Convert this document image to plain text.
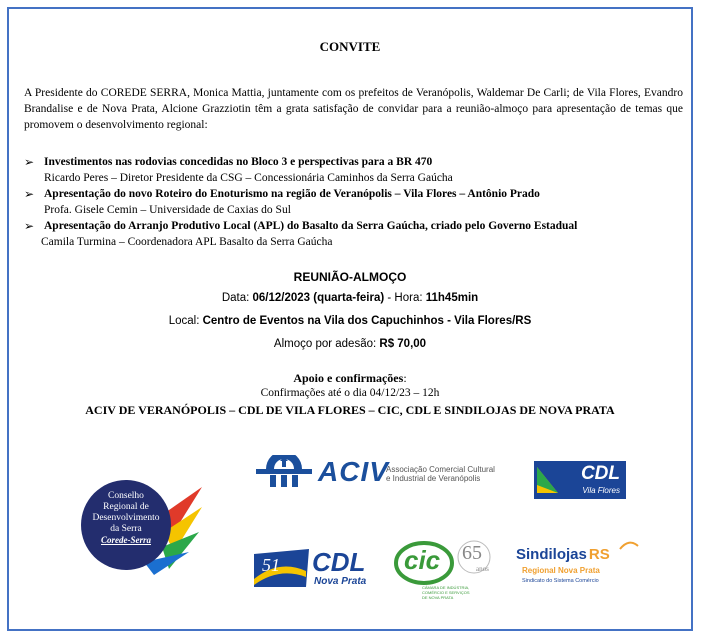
CONVITE
A Presidente do COREDE SERRA, Monica Mattia, juntamente com os prefeitos de Veranópolis, Waldemar De Carli; de Vila Flores, Evandro Brandalise e de Nova Prata, Alcione Grazziotin têm a grata satisfação de convidar para a reunião-almoço para apresentação de temas que promovem o desenvolvimento regional:
➢ Investimentos nas rodovias concedidas no Bloco 3 e perspectivas para a BR 470
Ricardo Peres – Diretor Presidente da CSG – Concessionária Caminhos da Serra Gaúcha
➢ Apresentação do novo Roteiro do Enoturismo na região de Veranópolis – Vila Flores – Antônio Prado
Profa. Gisele Cemin – Universidade de Caxias do Sul
➢ Apresentação do Arranjo Produtivo Local (APL) do Basalto da Serra Gaúcha, criado pelo Governo Estadual
Camila Turmina – Coordenadora APL Basalto da Serra Gaúcha
REUNIÃO-ALMOÇO
Data: 06/12/2023 (quarta-feira) - Hora: 11h45min
Local: Centro de Eventos na Vila dos Capuchinhos - Vila Flores/RS
Almoço por adesão: R$ 70,00
Apoio e confirmações:
Confirmações até o dia 04/12/23 – 12h
ACIV DE VERANÓPOLIS – CDL DE VILA FLORES – CIC, CDL E SINDILOJAS DE NOVA PRATA
CDL
Vila Flores
ACIV
Associação Comercial Cultural
e Industrial de Veranópolis
Conselho
Regional de
Desenvolvimento
da Serra
Corede-Serra
51 CDL
Nova Prata
cic 65
anos
CÂMARA DE INDÚSTRIA, COMÉRCIO E SERVIÇOS DE NOVA PRATA
Sindilojas RS
Regional Nova Prata
Sindicato do Sistema Comércio
